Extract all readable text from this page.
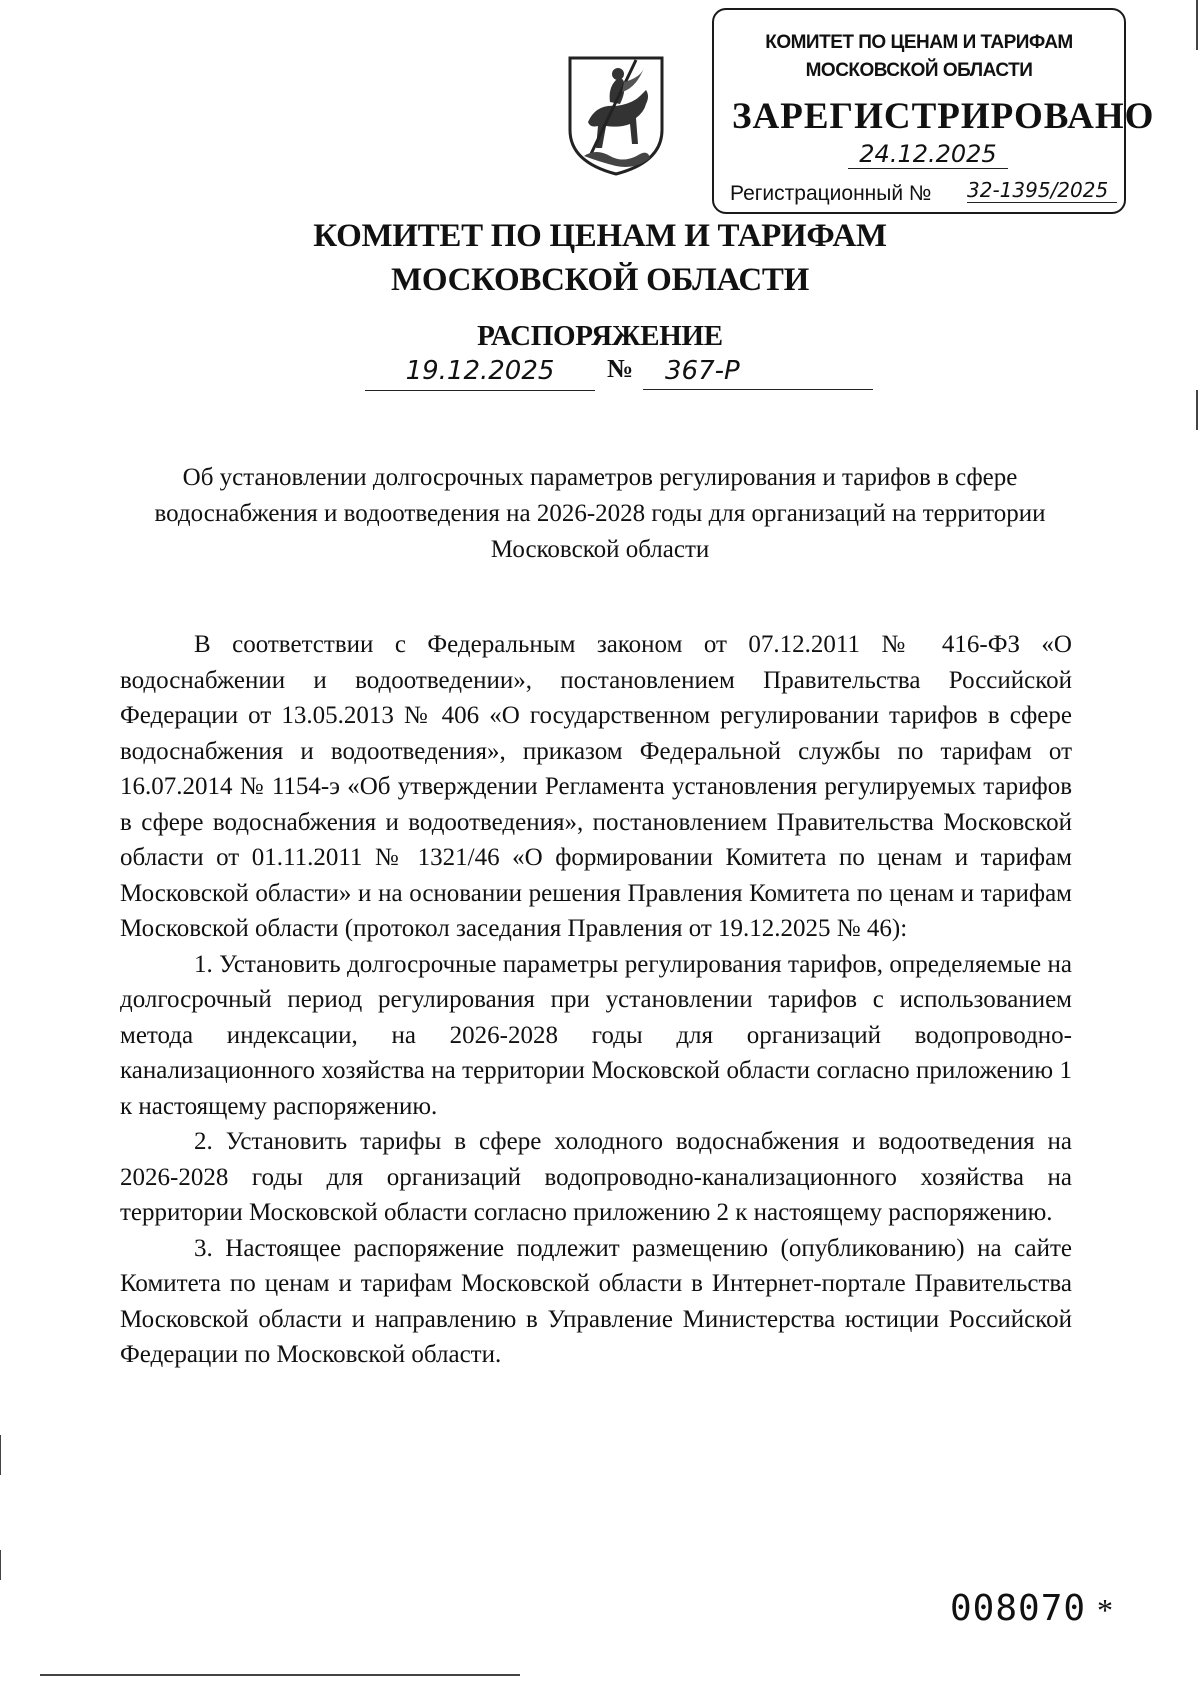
КОМИТЕТ ПО ЦЕНАМ И ТАРИФАМ
МОСКОВСКОЙ ОБЛАСТИ
ЗАРЕГИСТРИРОВАНО
24.12.2025
Регистрационный № 32-1395/2025
КОМИТЕТ ПО ЦЕНАМ И ТАРИФАМ
МОСКОВСКОЙ ОБЛАСТИ
РАСПОРЯЖЕНИЕ
19.12.2025	№	367-Р
Об установлении долгосрочных параметров регулирования и тарифов в сфере водоснабжения и водоотведения на 2026-2028 годы для организаций на территории Московской области

В соответствии с Федеральным законом от 07.12.2011 № 416-ФЗ «О водоснабжении и водоотведении», постановлением Правительства Российской Федерации от 13.05.2013 № 406 «О государственном регулировании тарифов в сфере водоснабжения и водоотведения», приказом Федеральной службы по тарифам от 16.07.2014 № 1154-э «Об утверждении Регламента установления регулируемых тарифов в сфере водоснабжения и водоотведения», постановлением Правительства Московской области от 01.11.2011 № 1321/46 «О формировании Комитета по ценам и тарифам Московской области» и на основании решения Правления Комитета по ценам и тарифам Московской области (протокол заседания Правления от 19.12.2025 № 46):

1. Установить долгосрочные параметры регулирования тарифов, определяемые на долгосрочный период регулирования при установлении тарифов с использованием метода индексации, на 2026-2028 годы для организаций водопроводно-канализационного хозяйства на территории Московской области согласно приложению 1 к настоящему распоряжению.

2. Установить тарифы в сфере холодного водоснабжения и водоотведения на 2026-2028 годы для организаций водопроводно-канализационного хозяйства на территории Московской области согласно приложению 2 к настоящему распоряжению.

3. Настоящее распоряжение подлежит размещению (опубликованию) на сайте Комитета по ценам и тарифам Московской области в Интернет-портале Правительства Московской области и направлению в Управление Министерства юстиции Российской Федерации по Московской области.

008070 *
